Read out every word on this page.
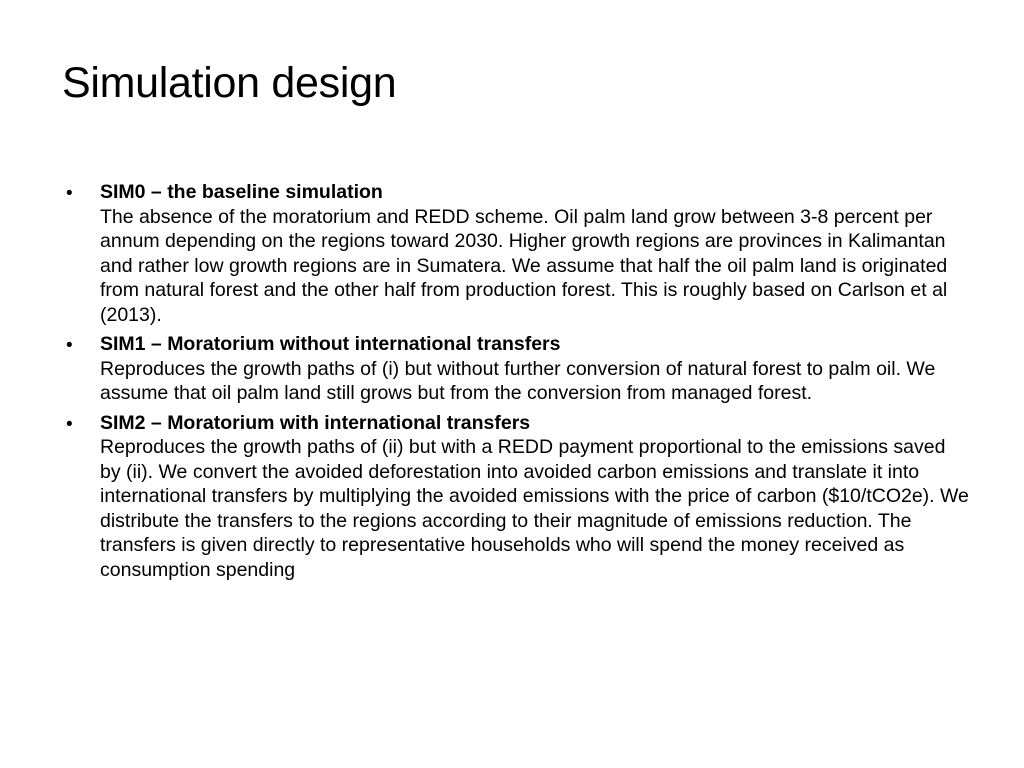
Simulation design
• SIM0 – the baseline simulation
The absence of the moratorium and REDD scheme. Oil palm land grow between 3-8 percent per annum depending on the regions toward 2030. Higher growth regions are provinces in Kalimantan and rather low growth regions are in Sumatera. We assume that half the oil palm land is originated from natural forest and the other half from production forest. This is roughly based on Carlson et al (2013).
• SIM1 – Moratorium without international transfers
Reproduces the growth paths of (i) but without further conversion of natural forest to palm oil. We assume that oil palm land still grows but from the conversion from managed forest.
• SIM2 – Moratorium with international transfers
Reproduces the growth paths of (ii) but with a REDD payment proportional to the emissions saved by (ii). We convert the avoided deforestation into avoided carbon emissions and translate it into international transfers by multiplying the avoided emissions with the price of carbon ($10/tCO2e). We distribute the transfers to the regions according to their magnitude of emissions reduction. The transfers is given directly to representative households who will spend the money received as consumption spending
